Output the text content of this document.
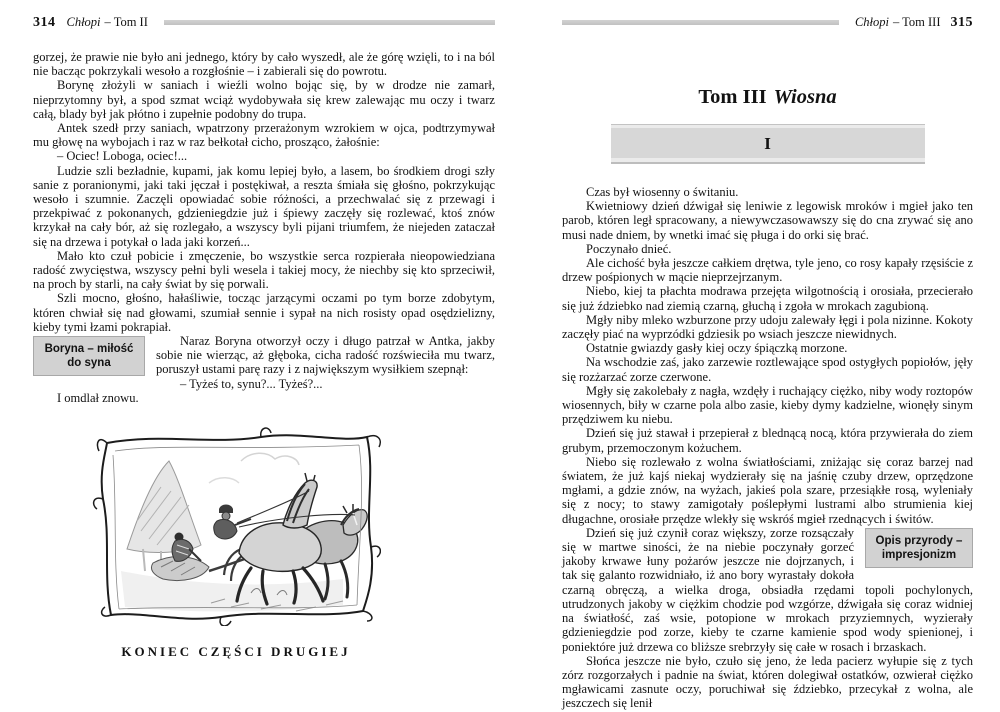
314 Chłopi – Tom II

gorzej, że prawie nie było ani jednego, który by cało wyszedł, ale że górę wzięli, to i na ból nie bacząc pokrzykali wesoło a rozgłośnie – i zabierali się do powrotu.

Borynę złożyli w saniach i wieźli wolno bojąc się, by w drodze nie zamarł, nieprzytomny był, a spod szmat wciąż wydobywała się krew zalewając mu oczy i twarz całą, blady był jak płótno i zupełnie podobny do trupa.

Antek szedł przy saniach, wpatrzony przerażonym wzrokiem w ojca, podtrzymywał mu głowę na wybojach i raz w raz bełkotał cicho, prosząco, żałośnie:

– Ociec! Loboga, ociec!...

Ludzie szli bezładnie, kupami, jak komu lepiej było, a lasem, bo środkiem drogi szły sanie z poranionymi, jaki taki jęczał i postękiwał, a reszta śmiała się głośno, pokrzykując wesoło i szumnie. Zaczęli opowiadać sobie różności, a przechwalać się z przewagi i przekpiwać z pokonanych, gdzieniegdzie już i śpiewy zaczęły się rozlewać, ktoś znów krzykał na cały bór, aż się rozlegało, a wszyscy byli pijani triumfem, że niejeden zataczał się na drzewa i potykał o lada jaki korzeń...

Mało kto czuł pobicie i zmęczenie, bo wszystkie serca rozpierała nieopowiedziana radość zwycięstwa, wszyscy pełni byli wesela i takiej mocy, że niechby się kto sprzeciwił, na proch by starli, na cały świat by się porwali.

Szli mocno, głośno, hałaśliwie, tocząc jarzącymi oczami po tym borze zdobytym, któren chwiał się nad głowami, szumiał sennie i sypał na nich rosisty opad osędzielizny, kieby tymi łzami pokrapiał.

Boryna – miłość do syna
Naraz Boryna otworzył oczy i długo patrzał w Antka, jakby sobie nie wierząc, aż głęboka, cicha radość rozświeciła mu twarz, poruszył ustami parę razy i z największym wysiłkiem szepnął:

– Tyżeś to, synu?... Tyżeś?...

I omdlał znowu.

KONIEC CZĘŚCI DRUGIEJ
Chłopi – Tom III 315
Tom III Wiosna
I

Czas był wiosenny o świtaniu.

Kwietniowy dzień dźwigał się leniwie z legowisk mroków i mgieł jako ten parob, któren legł spracowany, a niewywczasowawszy się do cna zrywać się ano musi nade dniem, by wnetki imać się pługa i do orki się brać.

Poczynało dnieć.

Ale cichość była jeszcze całkiem drętwa, tyle jeno, co rosy kapały rzęsiście z drzew pośpionych w mącie nieprzejrzanym.

Niebo, kiej ta płachta modrawa przejęta wilgotnością i orosiała, przecierało się już ździebko nad ziemią czarną, głuchą i zgoła w mrokach zagubioną.

Mgły niby mleko wzburzone przy udoju zalewały łęgi i pola nizinne. Kokoty zaczęły piać na wyprzódki gdziesik po wsiach jeszcze niewidnych.

Ostatnie gwiazdy gasły kiej oczy śpiączką morzone.

Na wschodzie zaś, jako zarzewie roztlewające spod ostygłych popiołów, jęły się rozżarzać zorze czerwone.

Mgły się zakolebały z nagła, wzdęły i ruchający ciężko, niby wody roztopów wiosennych, biły w czarne pola albo zasie, kieby dymy kadzielne, wionęły sinym przędziwem ku niebu.

Dzień się już stawał i przepierał z blednącą nocą, która przywierała do ziem grubym, przemoczonym kożuchem.

Niebo się rozlewało z wolna światłościami, zniżając się coraz barzej nad światem, że już kajś niekaj wydzierały się na jaśnię czuby drzew, oprzędzone mgłami, a gdzie znów, na wyżach, jakieś pola szare, przesiąkłe rosą, wyleniały się z nocy; to stawy zamigotały poślepłymi lustrami albo strumienia kiej długachne, orosiałe przędze wlekły się wskróś mgieł rzednących i świtów.

Opis przyrody – impresjonizm
Dzień się już czynił coraz większy, zorze rozsączały się w martwe siności, że na niebie poczynały gorzeć jakoby krwawe łuny pożarów jeszcze nie dojrzanych, i tak się galanto rozwidniało, iż ano bory wyrastały dokoła czarną obręczą, a wielka droga, obsiadła rzędami topoli pochylonych, utrudzonych jakoby w ciężkim chodzie pod wzgórze, dźwigała się coraz widniej na światłość, zaś wsie, potopione w mrokach przyziemnych, wyzierały gdzieniegdzie pod zorze, kieby te czarne kamienie spod wody spienionej, i poniektóre już drzewa co bliższe srebrzyły się całe w rosach i brzaskach.

Słońca jeszcze nie było, czuło się jeno, że leda pacierz wyłupie się z tych zórz rozgorzałych i padnie na świat, któren dolegiwał ostatków, ozwierał ciężko mgławicami zasnute oczy, poruchiwał się ździebko, przecykał z wolna, ale jeszczech się lenił
